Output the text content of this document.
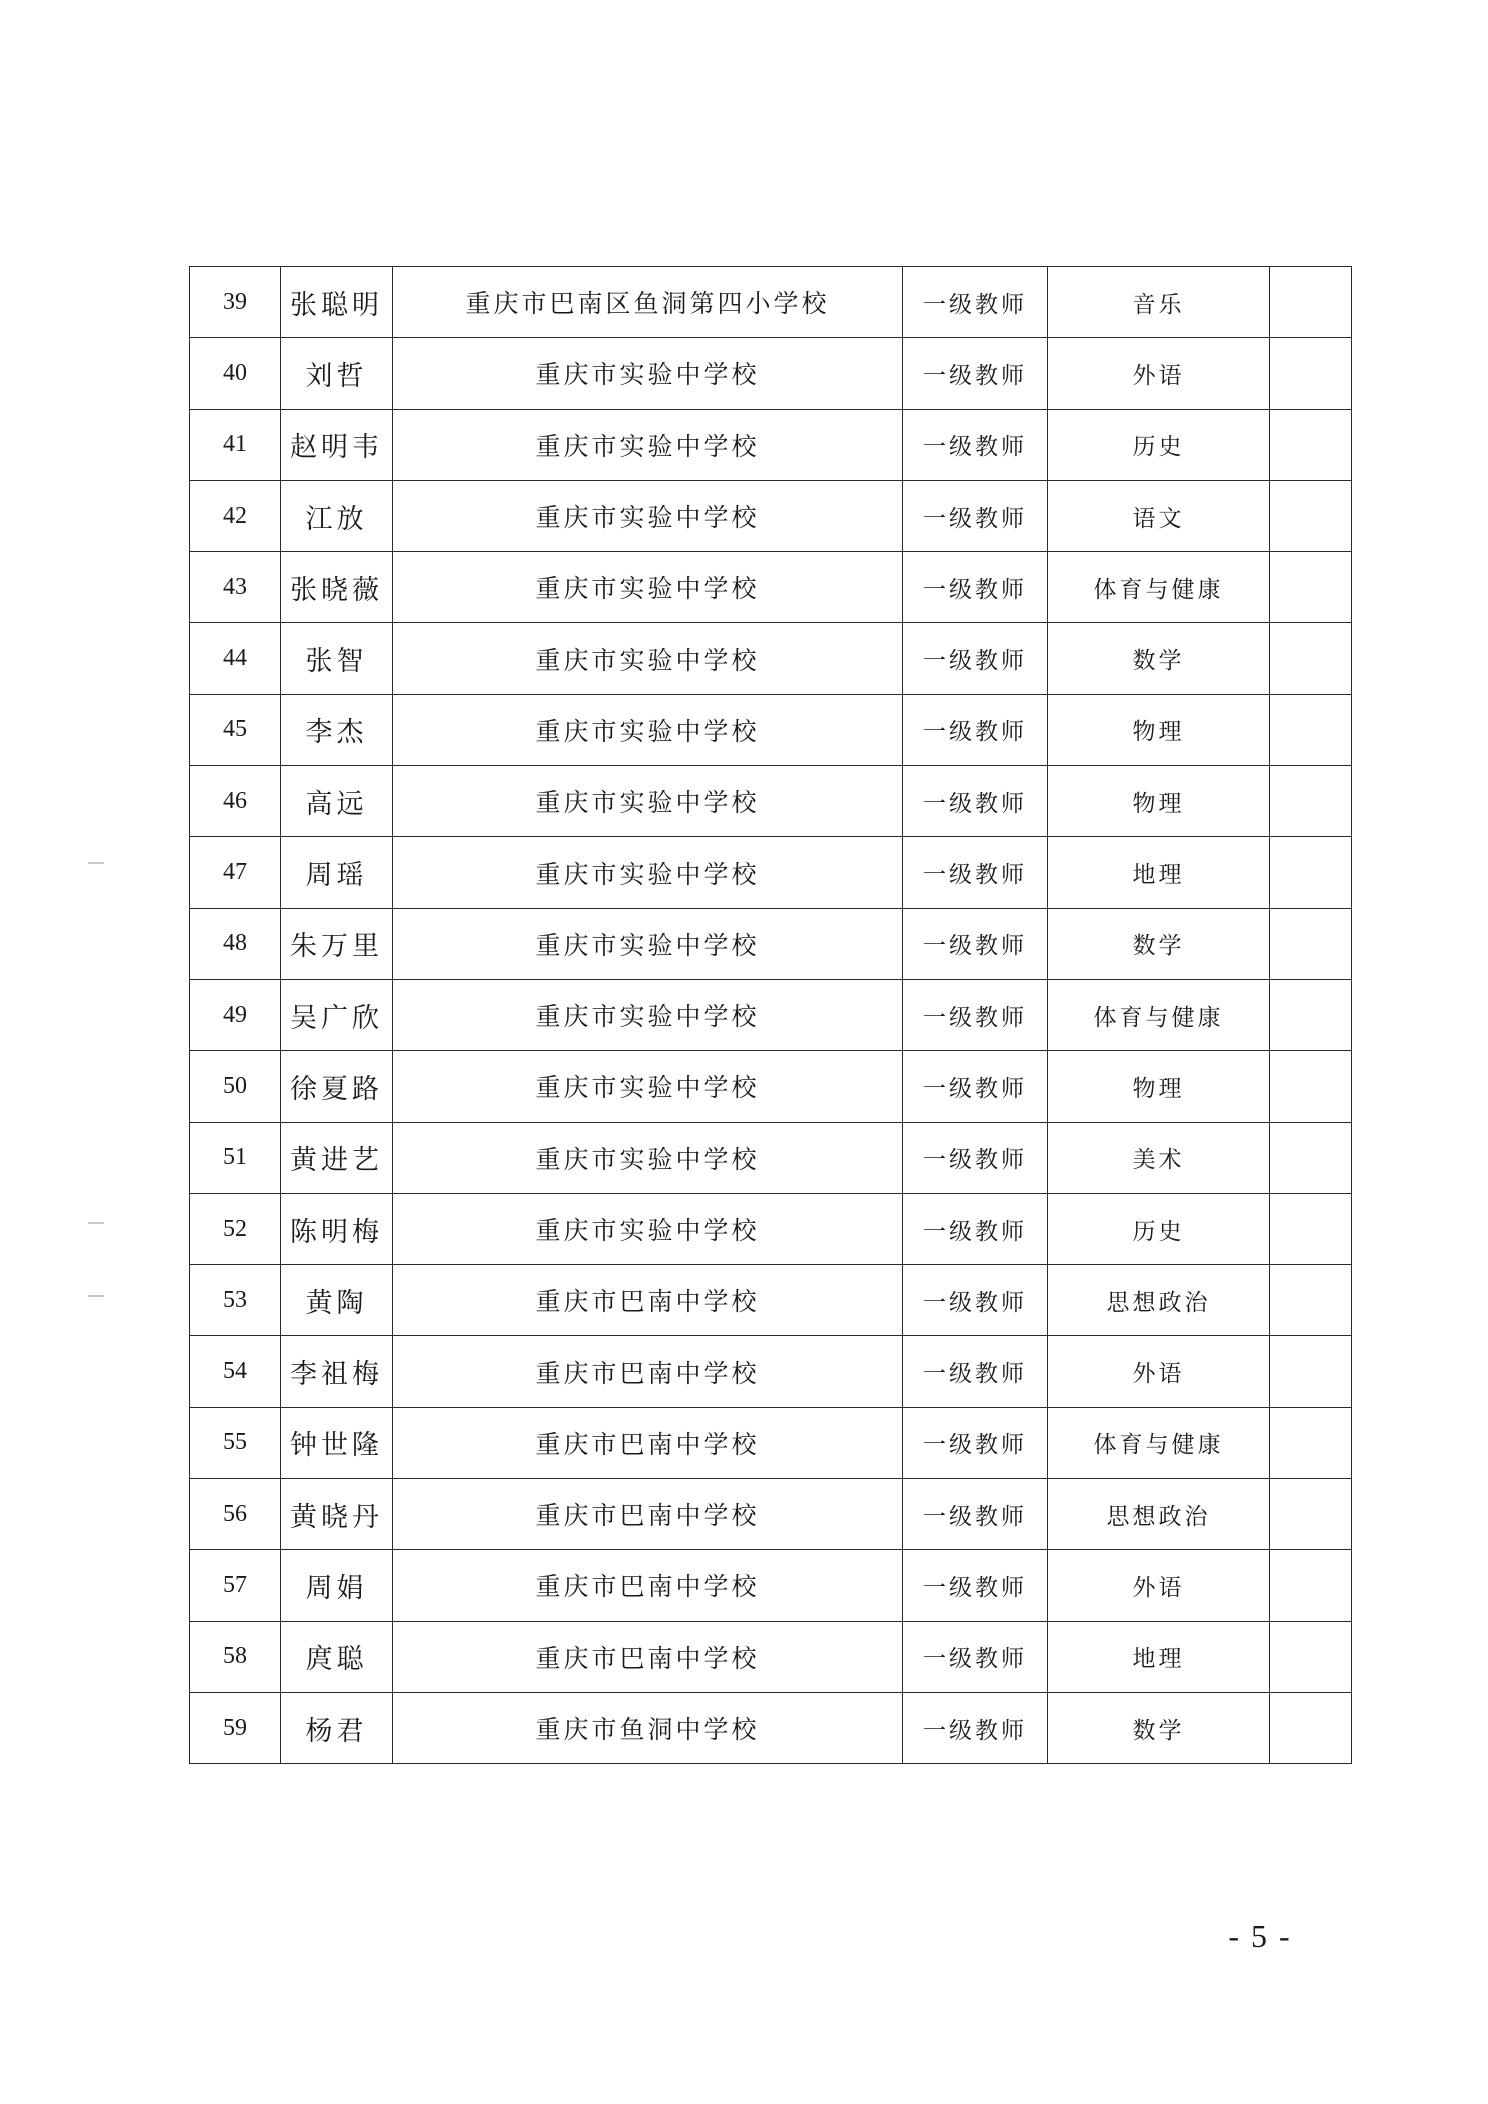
39	张聪明	重庆市巴南区鱼洞第四小学校	一级教师	音乐	
40	刘哲	重庆市实验中学校	一级教师	外语	
41	赵明韦	重庆市实验中学校	一级教师	历史	
42	江放	重庆市实验中学校	一级教师	语文	
43	张晓薇	重庆市实验中学校	一级教师	体育与健康	
44	张智	重庆市实验中学校	一级教师	数学	
45	李杰	重庆市实验中学校	一级教师	物理	
46	高远	重庆市实验中学校	一级教师	物理	
47	周瑶	重庆市实验中学校	一级教师	地理	
48	朱万里	重庆市实验中学校	一级教师	数学	
49	吴广欣	重庆市实验中学校	一级教师	体育与健康	
50	徐夏路	重庆市实验中学校	一级教师	物理	
51	黄进艺	重庆市实验中学校	一级教师	美术	
52	陈明梅	重庆市实验中学校	一级教师	历史	
53	黄陶	重庆市巴南中学校	一级教师	思想政治	
54	李祖梅	重庆市巴南中学校	一级教师	外语	
55	钟世隆	重庆市巴南中学校	一级教师	体育与健康	
56	黄晓丹	重庆市巴南中学校	一级教师	思想政治	
57	周娟	重庆市巴南中学校	一级教师	外语	
58	庹聪	重庆市巴南中学校	一级教师	地理	
59	杨君	重庆市鱼洞中学校	一级教师	数学	
- 5 -
